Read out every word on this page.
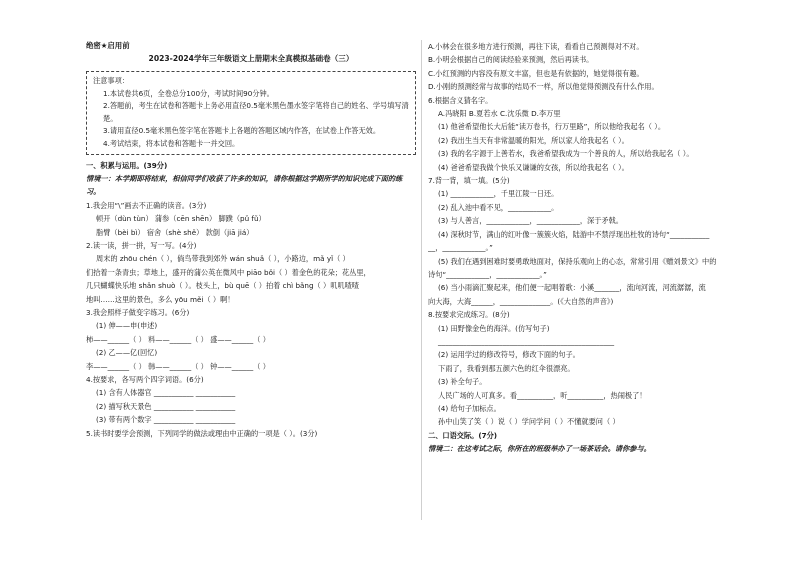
绝密★启用前
2023-2024学年三年级语文上册期末全真模拟基础卷（三）
注意事项：
1.本试卷共6页，全卷总分100分，考试时间90分钟。
2.答题前，考生在试卷和答题卡上务必用直径0.5毫米黑色墨水签字笔将自己的姓名、学号填写清楚。
3.请用直径0.5毫米黑色签字笔在答题卡上各题的答题区域内作答，在试卷上作答无效。
4.考试结束，将本试卷和答题卡一并交回。
一、积累与运用。(39分)
情境一：本学期即将结束，相信同学们收获了许多的知识，请你根据这学期所学的知识完成下面的练习。
1.我会用“\”画去不正确的读音。(3分)
顿开（dùn tùn） 蒲参（cēn shēn） 脚蹼（pǔ fǔ）
脂臂（bèi bì） 宿舍（shè shě） 款倒（jiā jiá）
2.读一读，拼一拼，写一写。(4分)
周末的 zhōu chén（ ），倘鸟带我到郊外 wán shuǎ（ ），小路边，mǎ yǐ（ ）
们拾着一条青虫；草地上，盛开的蒲公英在微风中 piāo bǒi（ ）着金色的花朵；花丛里，
几只蝴蝶快乐地 shǎn shuò（ ）。枝头上，bù quē（ ）拍着 chì bǎng（ ）叽叽喳喳
地叫……这里的景色，多么 yōu měi（ ）啊！
3.我会照样子做变字练习。(6分)
(1) 伸——申(申述)
柿——______（ ） 料——______（ ） 盛——______（ ）
(2) 乙——亿(回忆)
李——______（ ） 韩——______（ ） 钟——______（ ）
4.按要求，各写两个四字词语。(6分)
(1) 含有人体器官 ___________ ___________
(2) 描写秋天景色 ___________ ___________
(3) 带有两个数字 ___________ ___________
5.读书时要学会预测，下列同学的做法或理由中正确的一项是（ ）。(3分)
A.小林会在很多地方进行预测，再往下读，看看自己预测得对不对。
B.小明会根据自己的阅读经验来预测，然后再读书。
C.小红预测的内容没有原文丰富，但也是有依据的，她觉得很有趣。
D.小刚的预测经常与故事的结局不一样，所以他觉得预测没有什么作用。
6.根据含义猜名字。
A.冯晓阳 B.夏若水 C.沈乐微 D.李万里
(1) 他爸希望他长大后能“读万卷书，行万里路”，所以他给我起名（ ）。
(2) 我出生当天有非常温暖的阳光，所以家人给我起名（ ）。
(3) 我的名字源于上善若水，我爸希望我成为一个善良的人，所以给我起名（ ）。
(4) 爸爸希望我做个快乐又谦谦的女孩，所以给我起名（ ）。
7.背一背，填一填。(5分)
(1) ____________，千里江陵一日还。
(2) 乱入池中看不见，____________。
(3) 与人善言，____________，____________，深于矛戟。
(4) 深秋时节，满山的红叶像一簇簇火焰，陆游中不禁浮现出杜牧的诗句“___________
__，____________。”
(5) 我们在遇到困难时要勇敢地面对，保持乐观向上的心态，常常引用《赠刘景文》中的
诗句“____________，____________。”
(6) 当小雨滴汇聚起来，他们便一起唱着歌：小溪_______，流向河流，河流潺潺，流
向大海，大海______，______________。(《大自然的声音》)
8.按要求完成练习。(8分)
(1) 田野像金色的海洋。(仿写句子)
_________________________________________________
(2) 运用学过的修改符号，修改下面的句子。
下雨了，我看到那五颜六色的红伞很漂亮。
(3) 补全句子。
人民广场的人可真多。看__________，听__________，热闹极了！
(4) 给句子加标点。
孙中山笑了笑（ ）说（ ）学问学问（ ）不懂就要问（ ）
二、口语交际。(7分)
情境二：在这考试之际，你所在的班级举办了一场茶话会。请你参与。
